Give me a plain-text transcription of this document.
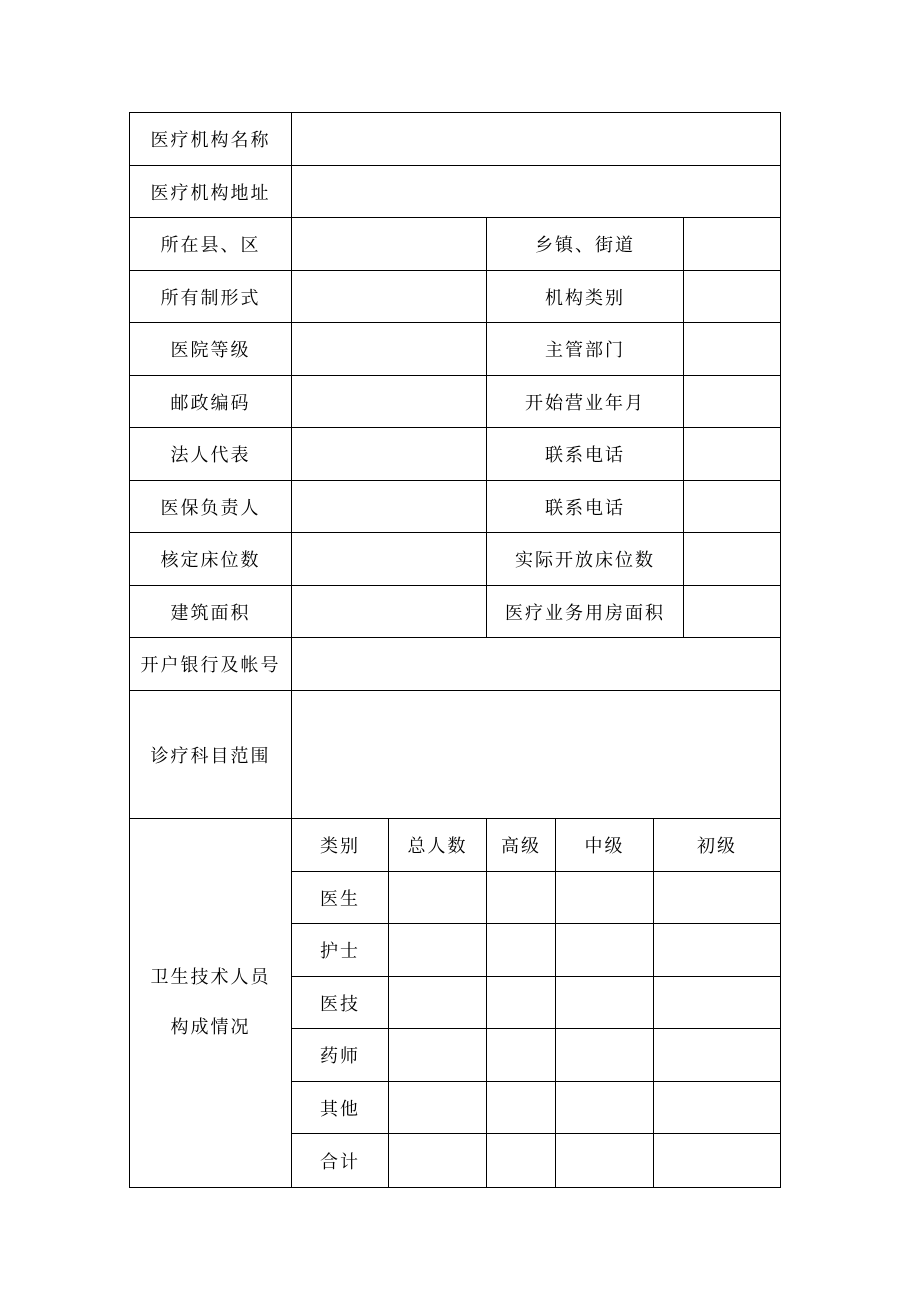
医疗机构名称						
医疗机构地址						
所在县、区			乡镇、街道			
所有制形式			机构类别			
医院等级			主管部门			
邮政编码			开始营业年月			
法人代表			联系电话			
医保负责人			联系电话			
核定床位数			实际开放床位数			
建筑面积			医疗业务用房面积			
开户银行及帐号						
诊疗科目范围						

卫生技术人员
构成情况	类别	总人数	高级	中级	初级	
	医生					
	护士					
	医技					
	药师					
	其他					
	合计					
